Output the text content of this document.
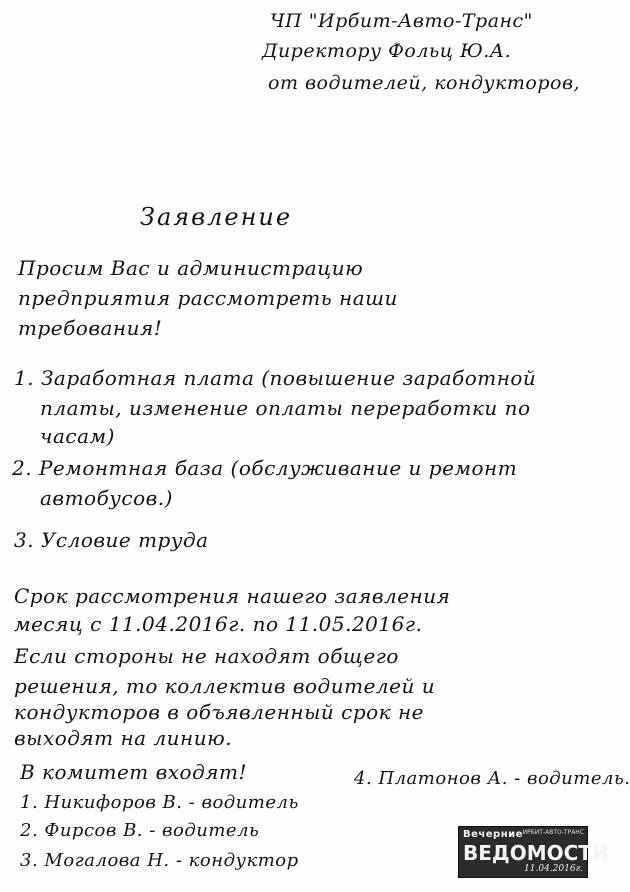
ЧП "Ирбит-Авто-Транс"
Директору Фольц Ю.А.
от водителей, кондукторов,
Заявление
Просим Вас и администрацию
предприятия рассмотреть наши
требования!
1. Заработная плата (повышение заработной
платы, изменение оплаты переработки по
часам)
2. Ремонтная база (обслуживание и ремонт
автобусов.)
3. Условие труда
Срок рассмотрения нашего заявления
месяц с 11.04.2016г. по 11.05.2016г.
Если стороны не находят общего
решения, то коллектив водителей и
кондукторов в объявленный срок не
выходят на линию.
В комитет входят!
1. Никифоров В. - водитель
4. Платонов А. - водитель.
2. Фирсов В. - водитель
3. Могалова Н. - кондуктор
Вечерние
ВЕДОМОСТИ
ИРБИТ-АВТО-ТРАНС
11.04.2016г.
